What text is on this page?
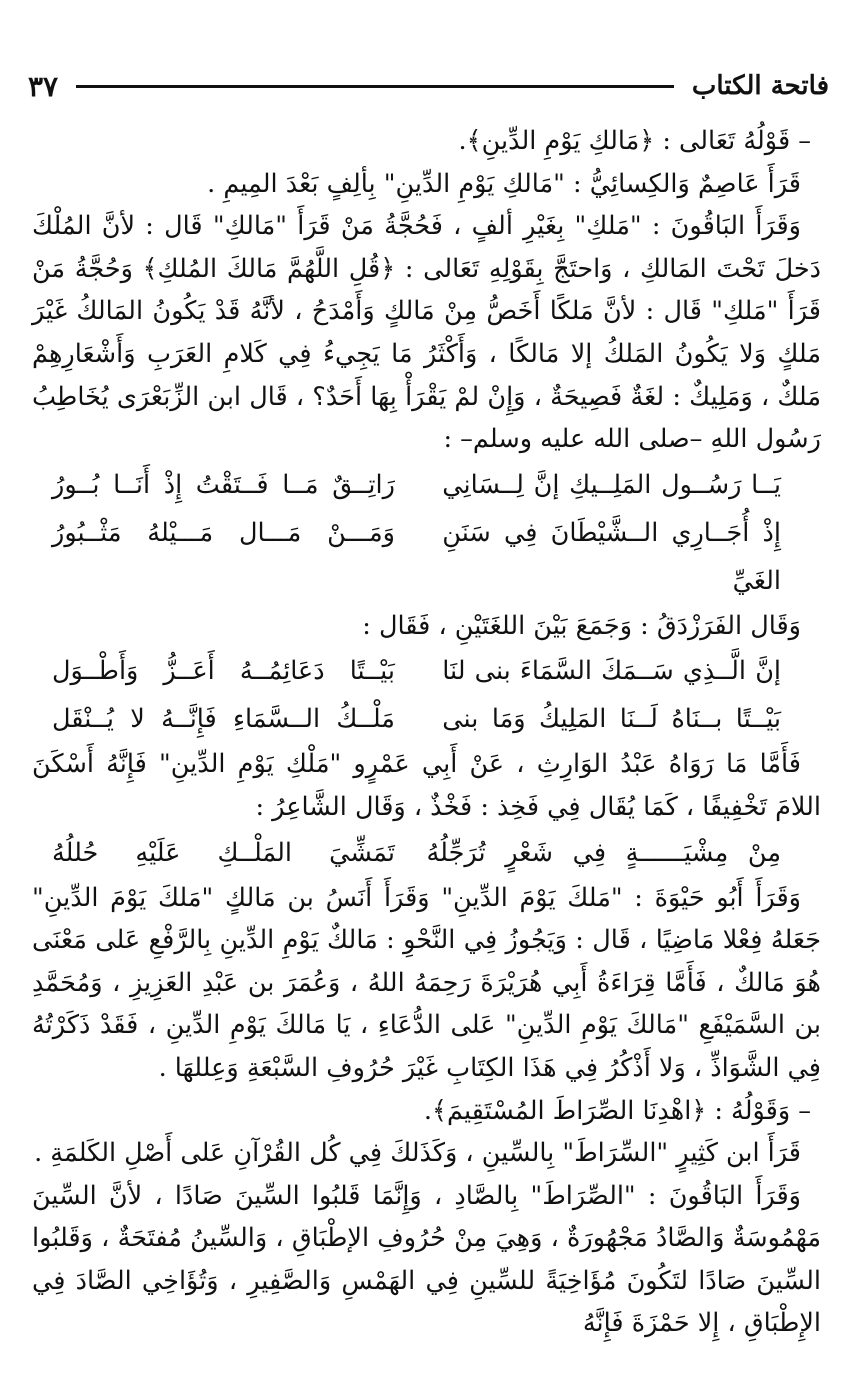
فاتحة الكتاب
٣٧

– قَوْلُهُ تَعَالى : ﴿مَالكِ يَوْمِ الدِّينِ﴾.

قَرَأَ عَاصِمٌ وَالكِسائِيُّ : "مَالكِ يَوْمِ الدِّينِ" بِألِفٍ بَعْدَ المِيمِ .

وَقَرَأَ البَاقُونَ : "مَلكِ" بِغَيْرِ ألفٍ ، فَحُجَّةُ مَنْ قَرَأَ "مَالكِ" قَال : لأنَّ المُلْكَ دَخلَ تَحْتَ المَالكِ ، وَاحتَجَّ بِقَوْلِهِ تَعَالى : ﴿قُلِ اللَّهُمَّ مَالكَ المُلكِ﴾ وَحُجَّةُ مَنْ قَرَأَ "مَلكِ" قَال : لأنَّ مَلكًا أَخَصُّ مِنْ مَالكٍ وَأَمْدَحُ ، لأنَّهُ قَدْ يَكُونُ المَالكُ غَيْرَ مَلكٍ وَلا يَكُونُ المَلكُ إلا مَالكًا ، وَأَكْثَرُ مَا يَجِيءُ فِي كَلامِ العَرَبِ وَأَشْعَارِهِمْ مَلكٌ ، وَمَلِيكٌ : لغَةٌ فَصِيحَةٌ ، وَإِنْ لمْ يَقْرَأْ بِهَا أَحَدٌ؟ ، قَال ابن الزِّبَعْرَى يُخَاطِبُ رَسُول اللهِ –صلى الله عليه وسلم– :

يَــا رَسُــول المَلِــيكِ إنَّ لِــسَانِي
رَاتِــقٌ مَــا فَــتَقْتُ إِذْ أَنَــا بُــورُ
إِذْ أُجَــارِي الــشَّيْطَانَ فِي سَنَنِ الغَيِّ
وَمَـــنْ مَـــال مَـــيْلهُ مَثْــبُورُ

وَقَال الفَرَزْدَقُ : وَجَمَعَ بَيْنَ اللغَتَيْنِ ، فَقَال :

إنَّ الَّــذِي سَــمَكَ السَّمَاءَ بنى لنَا
بَيْــتًا دَعَائِمُــهُ أَعَــزُّ وَأَطْــوَل
بَيْــتًا بــنَاهُ لَــنَا المَلِيكُ وَمَا بنى
مَلْــكُ الــسَّمَاءِ فَإِنَّــهُ لا يُــنْقَل

فَأَمَّا مَا رَوَاهُ عَبْدُ الوَارِثِ ، عَنْ أَبِي عَمْرٍو "مَلْكِ يَوْمِ الدِّينِ" فَإِنَّهُ أَسْكَنَ اللامَ تَخْفِيفًا ، كَمَا يُقَال فِي فَخِذ : فَخْذٌ ، وَقَال الشَّاعِرُ :

مِنْ مِشْيَــــــةٍ فِي شَعْرٍ تُرَجِّلُهُ
تَمَشِّيَ المَلْــكِ عَلَيْهِ حُللُهُ

وَقَرَأَ أَبُو حَيْوَةَ : "مَلكَ يَوْمَ الدِّينِ" وَقَرَأَ أَنَسُ بن مَالكٍ "مَلكَ يَوْمَ الدِّينِ" جَعَلهُ فِعْلا مَاضِيًا ، قَال : وَيَجُوزُ فِي النَّحْوِ : مَالكٌ يَوْمِ الدِّينِ بِالرَّفْعِ عَلى مَعْنَى هُوَ مَالكٌ ، فَأَمَّا قِرَاءَةُ أَبِي هُرَيْرَةَ رَحِمَهُ اللهُ ، وَعُمَرَ بن عَبْدِ العَزِيزِ ، وَمُحَمَّدِ بن السَّمَيْفَعِ "مَالكَ يَوْمِ الدِّينِ" عَلى الدُّعَاءِ ، يَا مَالكَ يَوْمِ الدِّينِ ، فَقَدْ ذَكَرْتُهُ فِي الشَّوَاذِّ ، وَلا أَذْكُرُ فِي هَذَا الكِتَابِ غَيْرَ حُرُوفِ السَّبْعَةِ وَعِللهَا .

– وَقَوْلُهُ : ﴿اهْدِنَا الصِّرَاطَ المُسْتَقِيمَ﴾.

قَرَأَ ابن كَثِيرٍ "السِّرَاطَ" بِالسِّينِ ، وَكَذَلكَ فِي كُل القُرْآنِ عَلى أَصْلِ الكَلمَةِ .

وَقَرَأَ البَاقُونَ : "الصِّرَاطَ" بِالصَّادِ ، وَإِنَّمَا قَلبُوا السِّينَ صَادًا ، لأنَّ السِّينَ مَهْمُوسَةٌ وَالصَّادُ مَجْهُورَةٌ ، وَهِيَ مِنْ حُرُوفِ الإطْبَاقِ ، وَالسِّينُ مُفتَحَةٌ ، وَقَلبُوا السِّينَ صَادًا لتَكُونَ مُؤَاخِيَةً للسِّينِ فِي الهَمْسِ وَالصَّفِيرِ ، وَتُؤَاخِي الصَّادَ فِي الإِطْبَاقِ ، إِلا حَمْزَةَ فَإِنَّهُ
